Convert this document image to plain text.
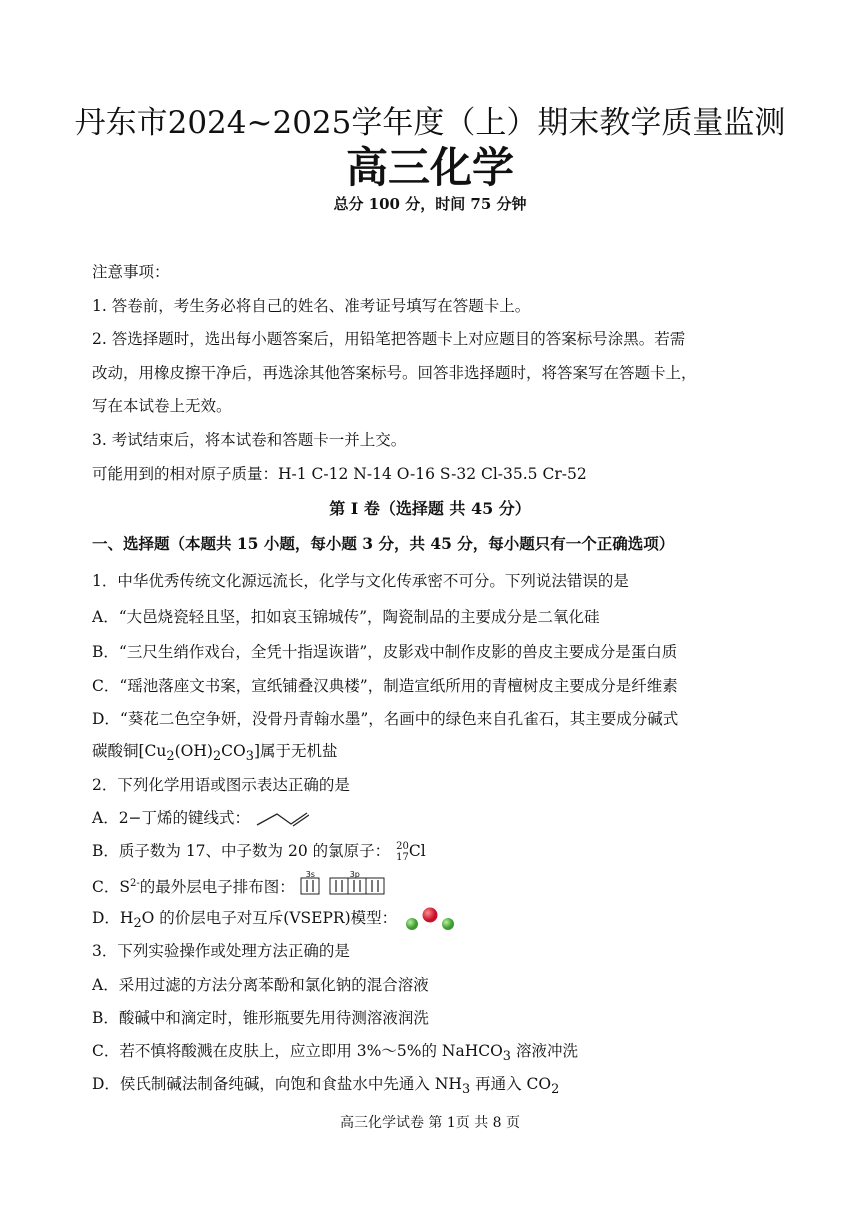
丹东市2024~2025学年度（上）期末教学质量监测
高三化学
总分 100 分，时间 75 分钟
注意事项：
1. 答卷前，考生务必将自己的姓名、准考证号填写在答题卡上。
2. 答选择题时，选出每小题答案后，用铅笔把答题卡上对应题目的答案标号涂黑。若需
改动，用橡皮擦干净后，再选涂其他答案标号。回答非选择题时，将答案写在答题卡上，
写在本试卷上无效。
3. 考试结束后，将本试卷和答题卡一并上交。
可能用到的相对原子质量：H-1 C-12 N-14 O-16 S-32 Cl-35.5 Cr-52
第 Ⅰ 卷（选择题 共 45 分）
一、选择题（本题共 15 小题，每小题 3 分，共 45 分，每小题只有一个正确选项）
1．中华优秀传统文化源远流长，化学与文化传承密不可分。下列说法错误的是
A．“大邑烧瓷轻且坚，扣如哀玉锦城传”，陶瓷制品的主要成分是二氧化硅
B．“三尺生绡作戏台，全凭十指逞诙谐”，皮影戏中制作皮影的兽皮主要成分是蛋白质
C．“瑶池落座文书案，宣纸铺叠汉典楼”，制造宣纸所用的青檀树皮主要成分是纤维素
D．“葵花二色空争妍，没骨丹青翰水墨”，名画中的绿色来自孔雀石，其主要成分碱式
碳酸铜$[Cu_2(OH)_2CO_3]$属于无机盐
2．下列化学用语或图示表达正确的是
A．2−丁烯的键线式：
B．质子数为 17、中子数为 20 的氯原子： 20
17 Cl
C．$S^{2-}$的最外层电子排布图：
3s	3p
D．$H_2O$ 的价层电子对互斥(VSEPR)模型：
3．下列实验操作或处理方法正确的是
A．采用过滤的方法分离苯酚和氯化钠的混合溶液
B．酸碱中和滴定时，锥形瓶要先用待测溶液润洗
C．若不慎将酸溅在皮肤上，应立即用 3%～5%的 NaHCO$_3$ 溶液冲洗
D．侯氏制碱法制备纯碱，向饱和食盐水中先通入 $NH_3$ 再通入 $CO_2$
高三化学试卷 第 1页 共 8 页
